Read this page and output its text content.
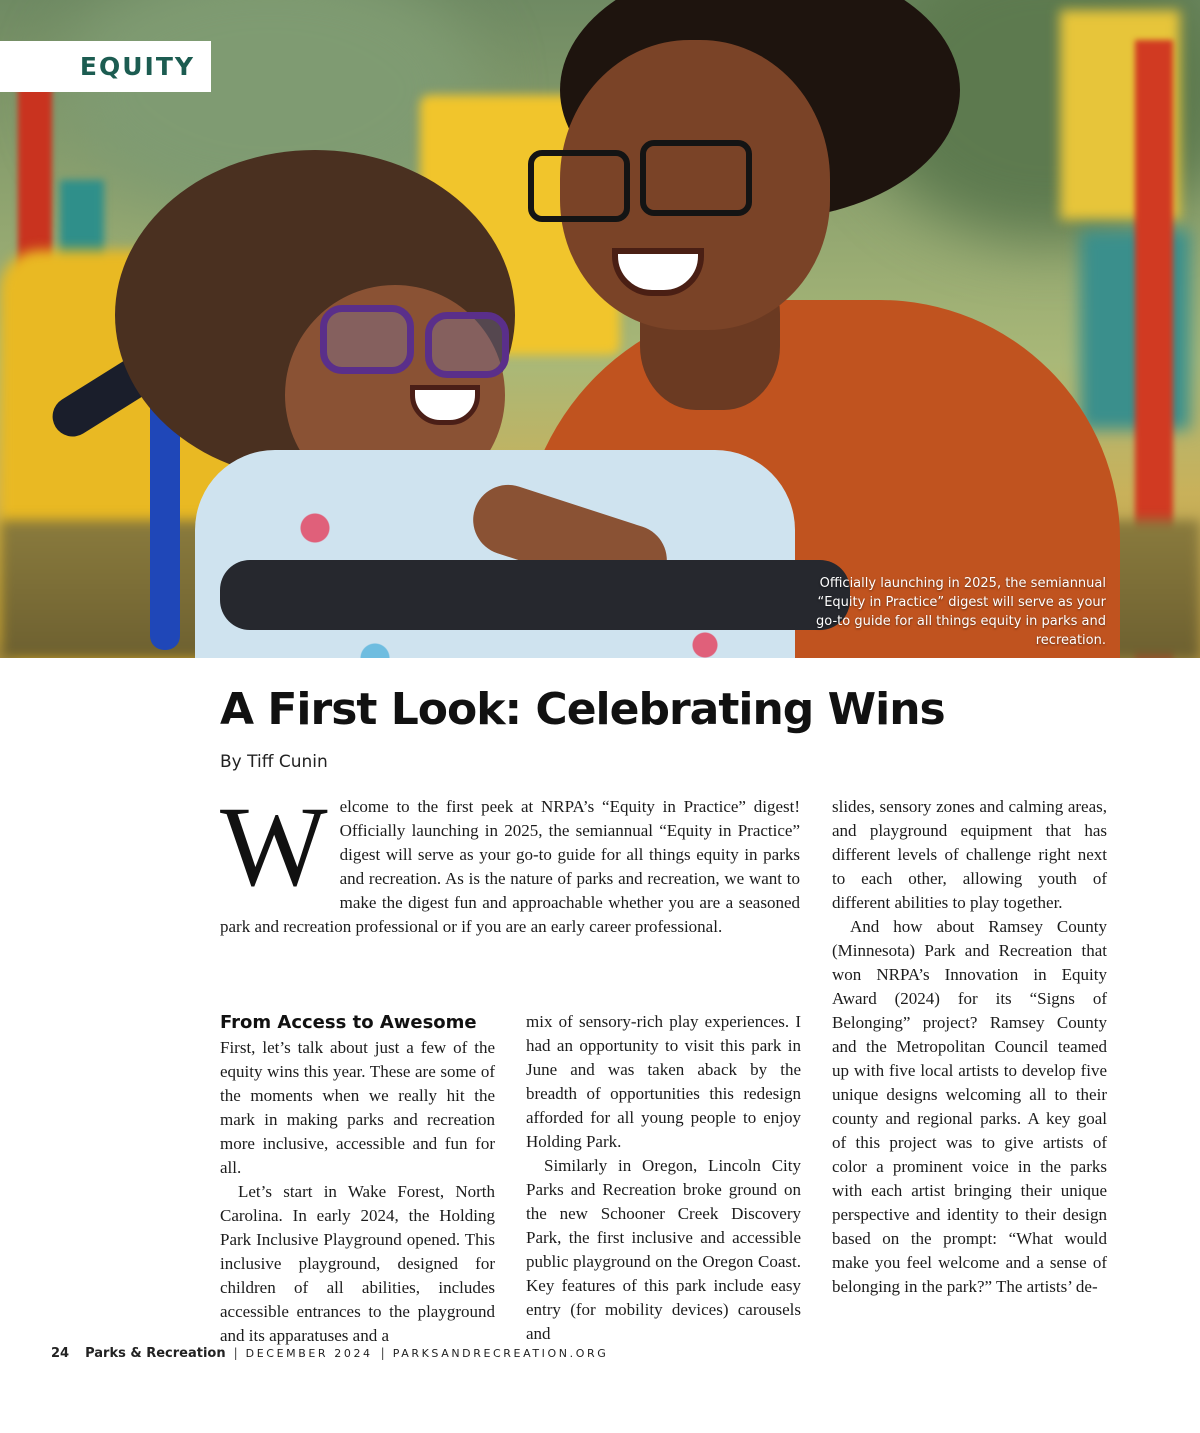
Officially launching in 2025, the semiannual “Equity in Practice” digest will serve as your go-to guide for all things equity in parks and recreation.
EQUITY
A First Look: Celebrating Wins
By Tiff Cunin

Welcome to the first peek at NRPA’s “Equity in Practice” digest! Officially launching in 2025, the semiannual “Equity in Practice” digest will serve as your go-to guide for all things equity in parks and recreation. As is the nature of parks and recreation, we want to make the digest fun and approachable whether you are a seasoned park and recreation professional or if you are an early career professional.

From Access to Awesome

First, let’s talk about just a few of the equity wins this year. These are some of the moments when we really hit the mark in making parks and recreation more inclusive, accessible and fun for all.

Let’s start in Wake Forest, North Carolina. In early 2024, the Holding Park Inclusive Playground opened. This inclusive playground, designed for children of all abilities, includes accessible entrances to the playground and its apparatuses and a

mix of sensory-rich play experiences. I had an opportunity to visit this park in June and was taken aback by the breadth of opportunities this redesign afforded for all young people to enjoy Holding Park.

Similarly in Oregon, Lincoln City Parks and Recreation broke ground on the new Schooner Creek Discovery Park, the first inclusive and accessible public playground on the Oregon Coast. Key features of this park include easy entry (for mobility devices) carousels and

slides, sensory zones and calming areas, and playground equipment that has different levels of challenge right next to each other, allowing youth of different abilities to play together.

And how about Ramsey County (Minnesota) Park and Recreation that won NRPA’s Innovation in Equity Award (2024) for its “Signs of Belonging” project? Ramsey County and the Metropolitan Council teamed up with five local artists to develop five unique designs welcoming all to their county and regional parks. A key goal of this project was to give artists of color a prominent voice in the parks with each artist bringing their unique perspective and identity to their design based on the prompt: “What would make you feel welcome and a sense of belonging in the park?” The artists’ de-

24 Parks & Recreation | DECEMBER 2024 | PARKSANDRECREATION.ORG
